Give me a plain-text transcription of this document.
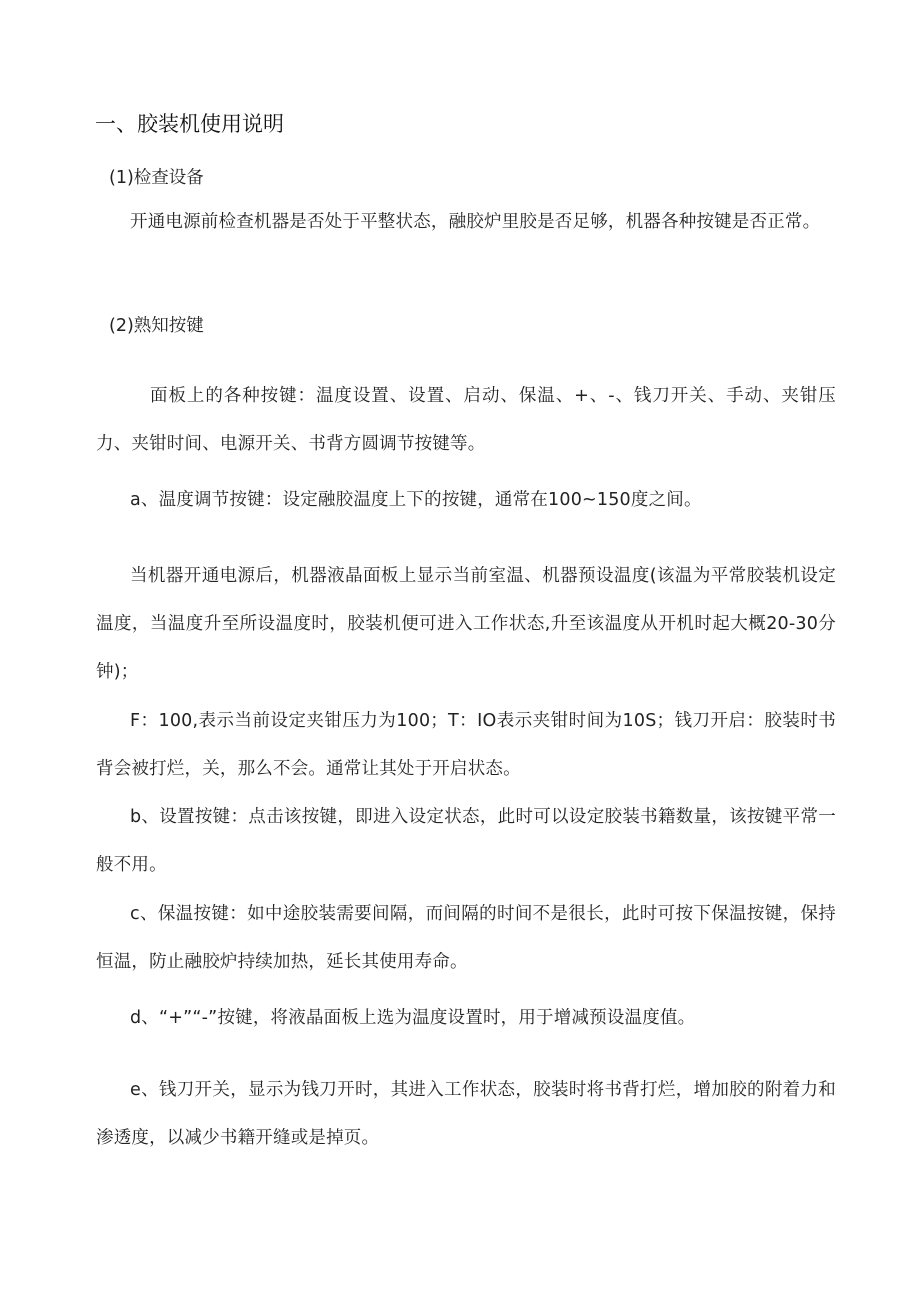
一、胶装机使用说明
(1)检查设备

开通电源前检查机器是否处于平整状态，融胶炉里胶是否足够，机器各种按键是否正常。

(2)熟知按键

面板上的各种按键：温度设置、设置、启动、保温、+、-、钱刀开关、手动、夹钳压力、夹钳时间、电源开关、书背方圆调节按键等。

a、温度调节按键：设定融胶温度上下的按键，通常在100~150度之间。

当机器开通电源后，机器液晶面板上显示当前室温、机器预设温度(该温为平常胶装机设定温度，当温度升至所设温度时，胶装机便可进入工作状态,升至该温度从开机时起大概20-30分钟)；

F：100,表示当前设定夹钳压力为100；T：IO表示夹钳时间为10S；钱刀开启：胶装时书背会被打烂，关，那么不会。通常让其处于开启状态。

b、设置按键：点击该按键，即进入设定状态，此时可以设定胶装书籍数量，该按键平常一般不用。

c、保温按键：如中途胶装需要间隔，而间隔的时间不是很长，此时可按下保温按键，保持恒温，防止融胶炉持续加热，延长其使用寿命。

d、“+”“-”按键，将液晶面板上选为温度设置时，用于增减预设温度值。

e、钱刀开关，显示为钱刀开时，其进入工作状态，胶装时将书背打烂，增加胶的附着力和渗透度，以减少书籍开缝或是掉页。
